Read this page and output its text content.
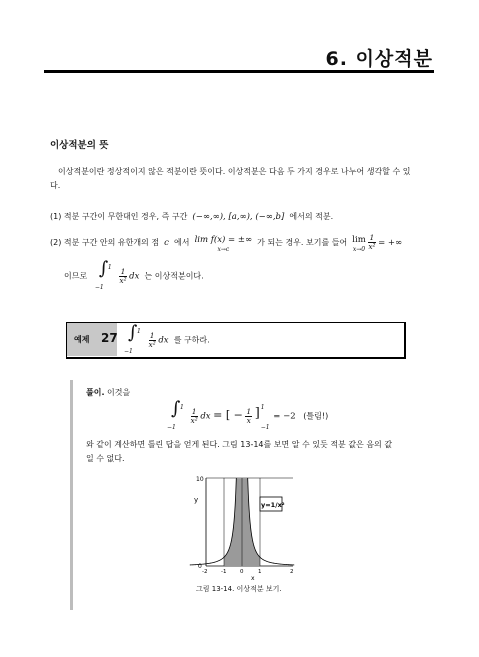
6. 이상적분
이상적분의 뜻
이상적분이란 정상적이지 않은 적분이란 뜻이다. 이상적분은 다음 두 가지 경우로 나누어 생각할 수 있
다.
(1) 적분 구간이 무한대인 경우, 즉 구간 (−∞,∞), [a,∞), (−∞,b] 에서의 적분.
(2) 적분 구간 안의 유한개의 점 c 에서 lim f(x) = ±∞
x→c
가 되는 경우. 보기를 들어 lim
x→0
$\frac{1}{\text{x²}}$ = +∞
이므로 ∫ 1
−1

$\frac{1}{\text{x²}}$ dx 는 이상적분이다.
예제 27 ∫ 1
−1

$\frac{1}{\text{x²}}$ dx 를 구하라.
풀이. 이것을
∫ 1
−1

$\frac{1}{\text{x²}}$ dx = [ − $\frac{1}{x}$
] 1
−1
= −2 (틀림!)
와 같이 계산하면 틀린 답을 얻게 된다. 그림 13-14를 보면 알 수 있듯 적분 값은 음의 값
일 수 없다.
10
y
0
-2 -1 0	1	2
x
y=1/x²
그림 13-14. 이상적분 보기.
